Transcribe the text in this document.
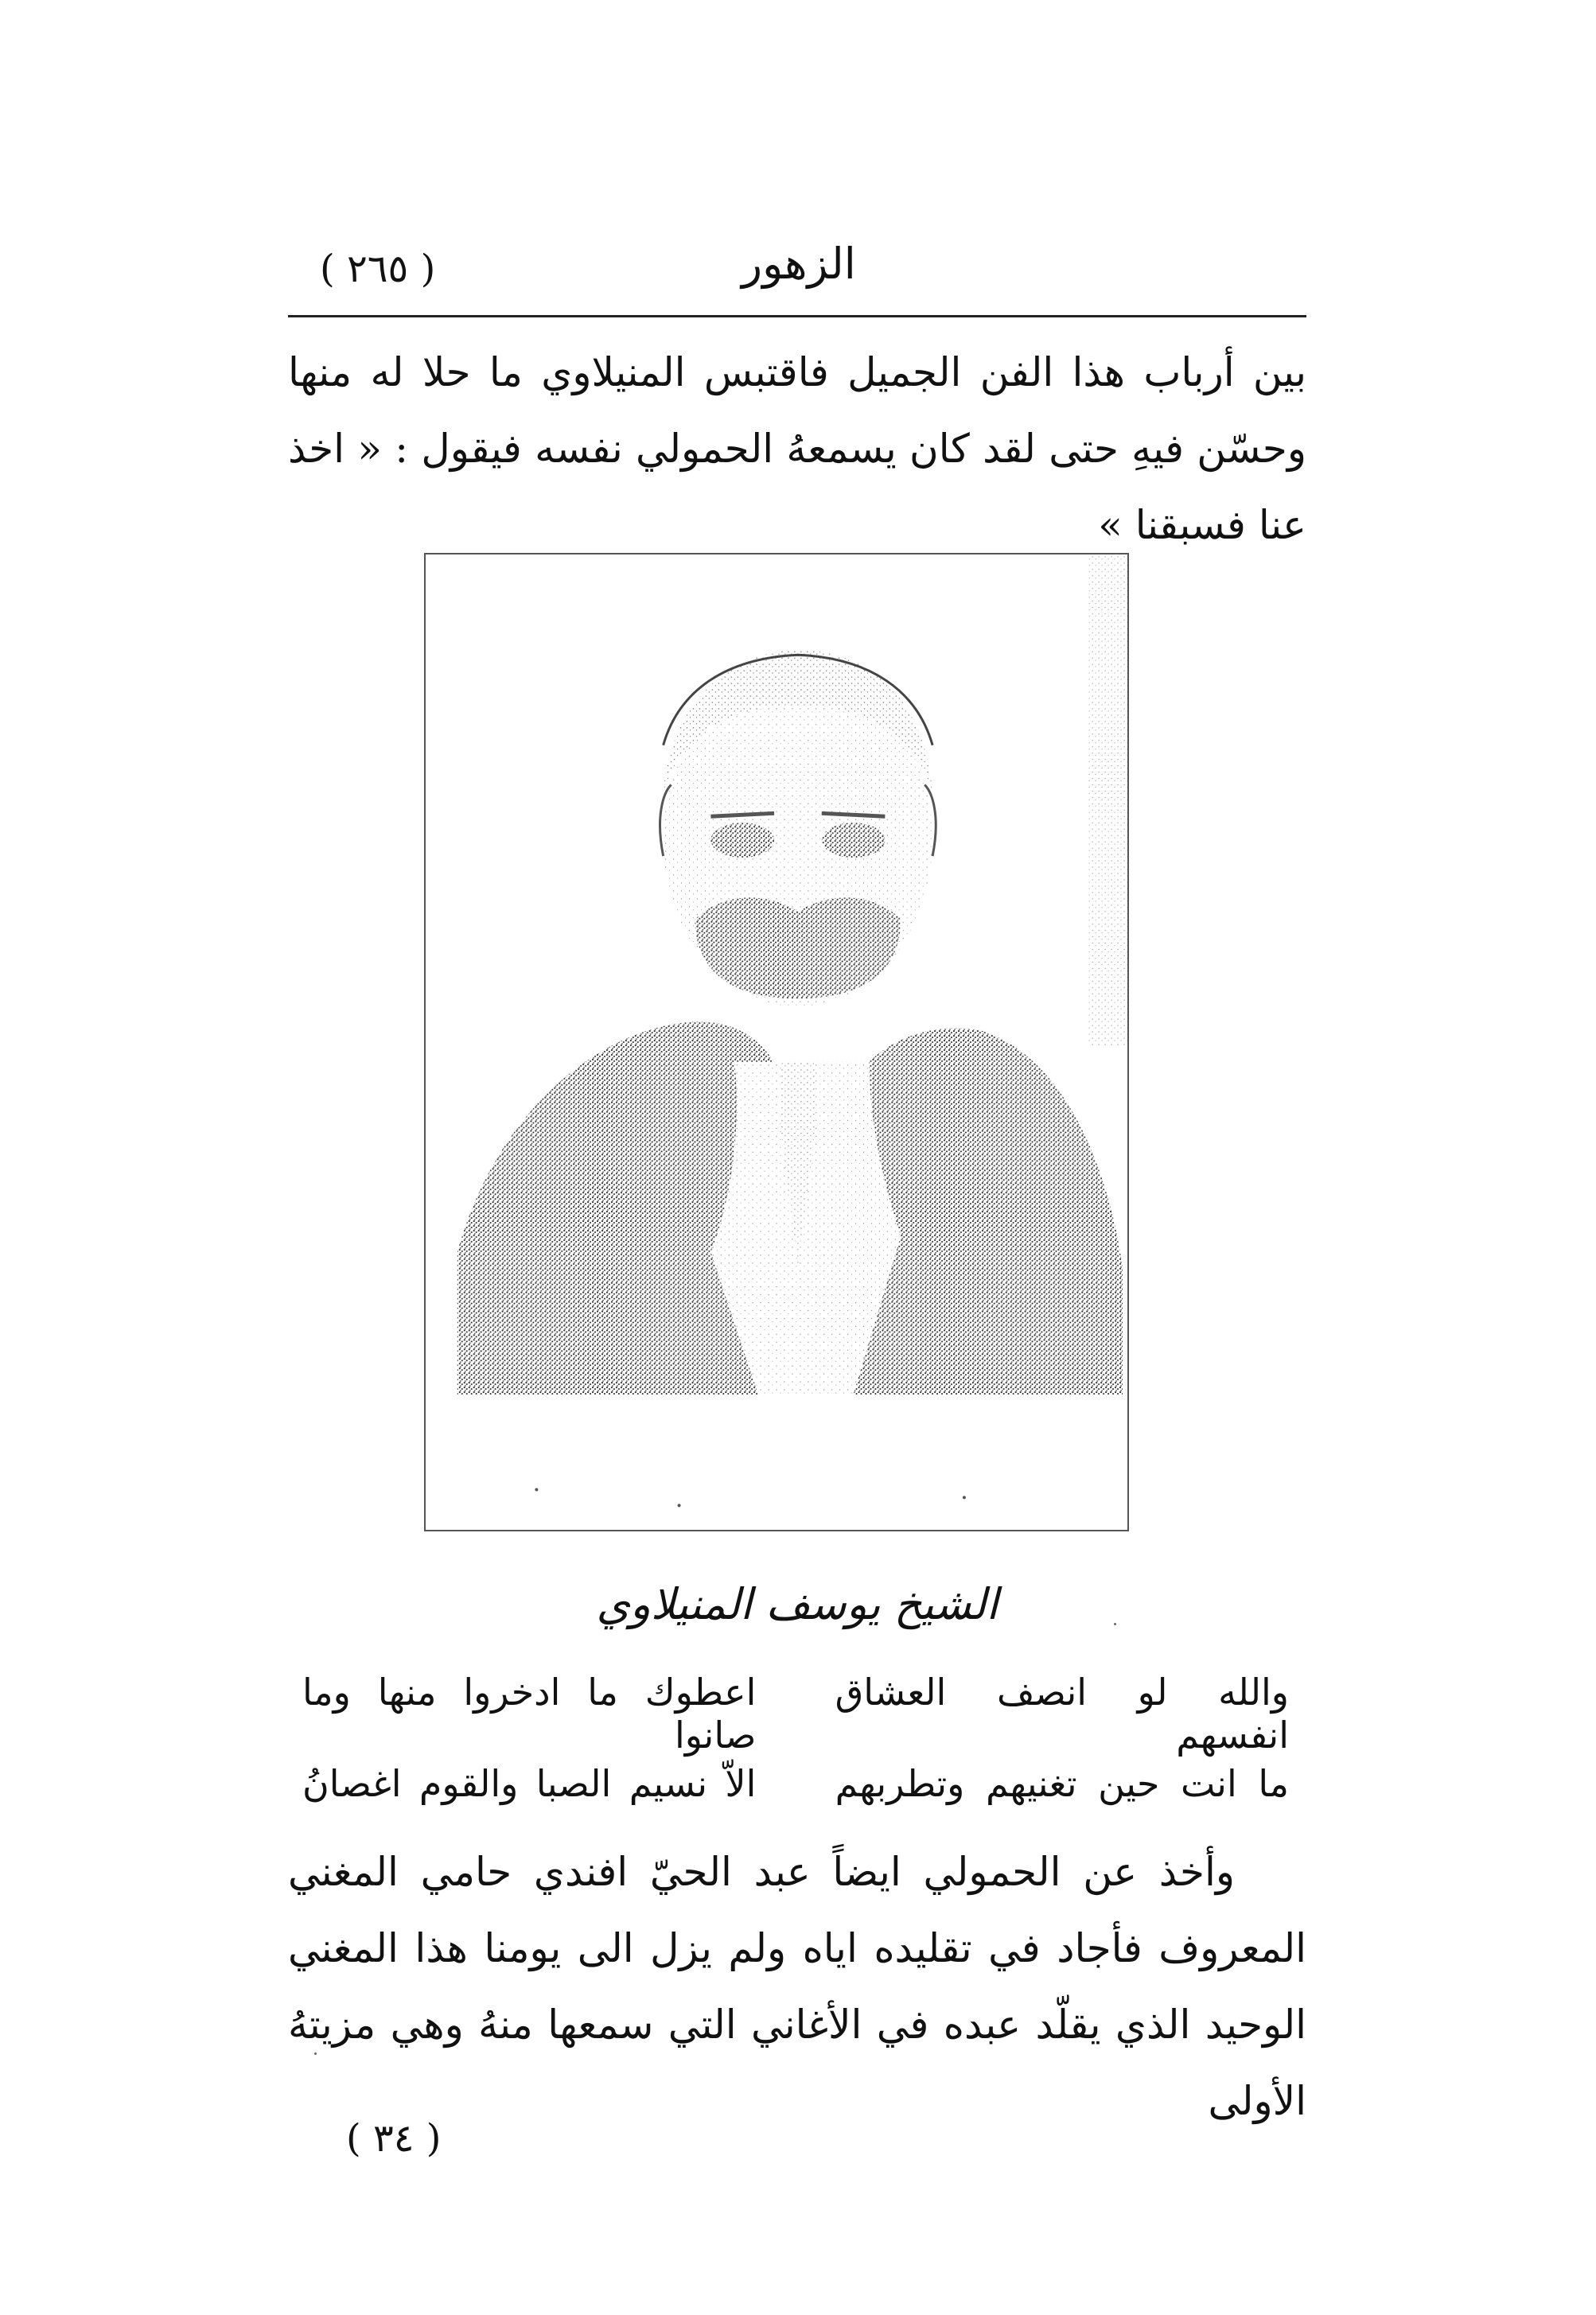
( ٢٦٥ )	الزهور

بين أرباب هذا الفن الجميل فاقتبس المنيلاوي ما حلا له منها وحسّن فيهِ حتى لقد كان يسمعهُ الحمولي نفسه فيقول : « اخذ عنا فسبقنا »

الشيخ يوسف المنيلاوي
والله لو انصف العشاق انفسهم
اعطوك ما ادخروا منها وما صانوا
ما انت حين تغنيهم وتطربهم
الاّ نسيم الصبا والقوم اغصانُ

وأخذ عن الحمولي ايضاً عبد الحيّ افندي حامي المغني المعروف فأجاد في تقليده اياه ولم يزل الى يومنا هذا المغني الوحيد الذي يقلّد عبده في الأغاني التي سمعها منهُ وهي مزيتهُ الأولى

( ٣٤ )
